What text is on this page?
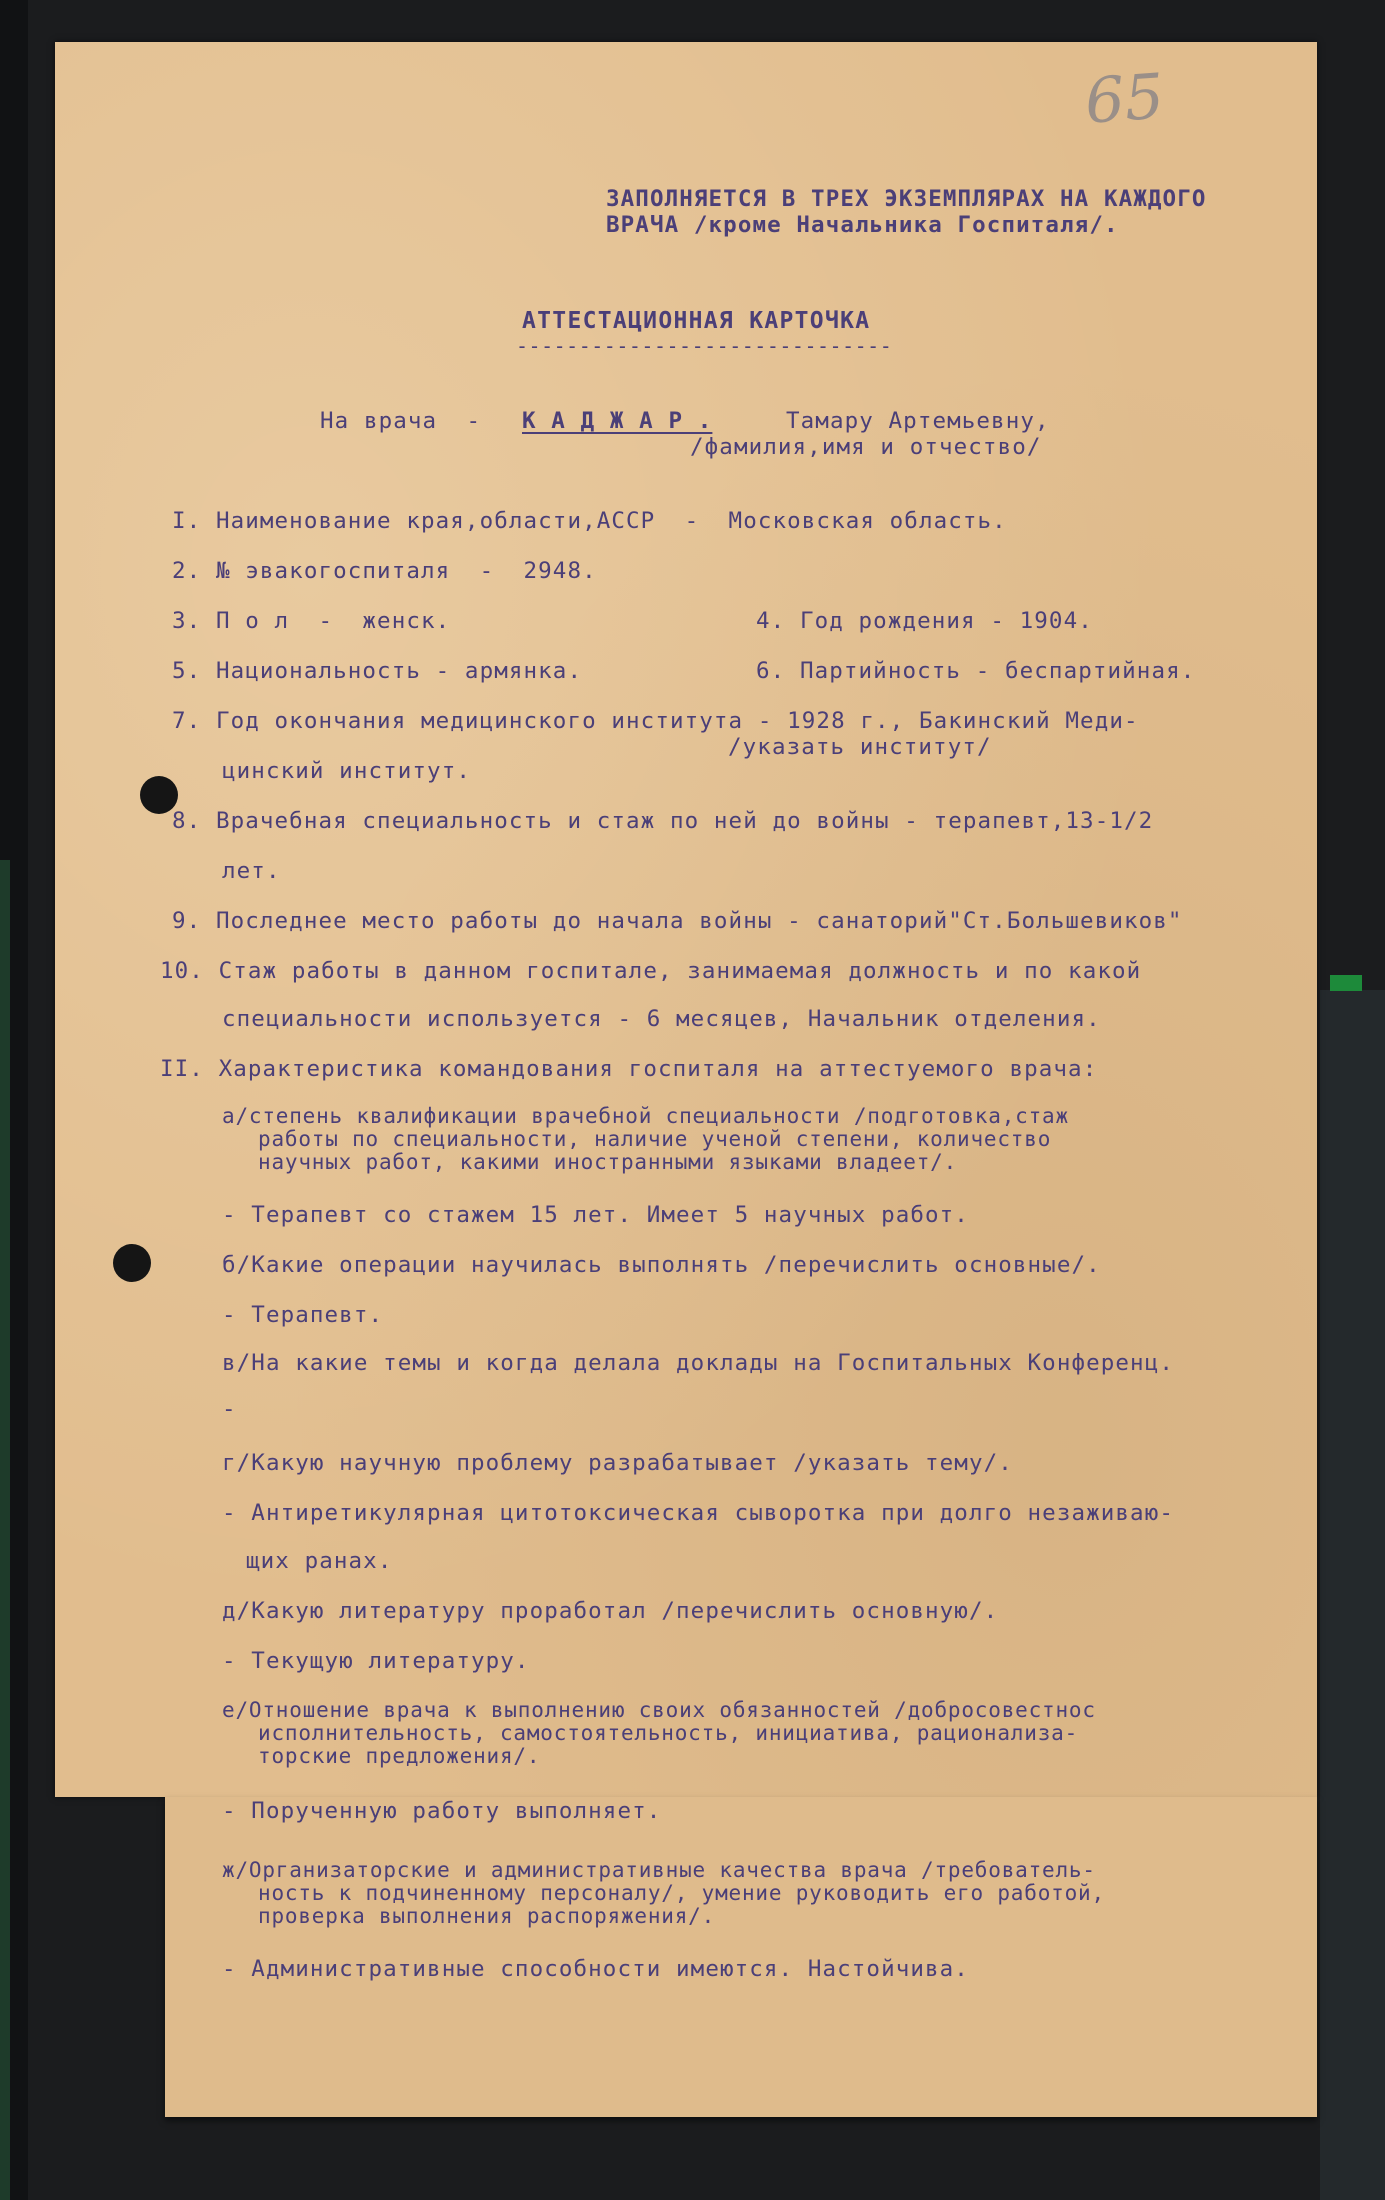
65
ЗАПОЛНЯЕТСЯ В ТРЕХ ЭКЗЕМПЛЯРАХ НА КАЖДОГО
ВРАЧА /кроме Начальника Госпиталя/.
АТТЕСТАЦИОННАЯ КАРТОЧКА
------------------------------
На врача  - К А Д Ж А Р .	Тамару Артемьевну,
/фамилия,имя и отчество/
I. Наименование края,области,АССР  -  Московская область.
2. № эвакогоспиталя  -  2948.
3. П о л  -  женск.	4. Год рождения - 1904.
5. Национальность - армянка.	6. Партийность - беспартийная.
7. Год окончания медицинского института - 1928 г., Бакинский Меди-
/указать институт/
цинский институт.
8. Врачебная специальность и стаж по ней до войны - терапевт,13-1/2
лет.
9. Последнее место работы до начала войны - санаторий"Ст.Большевиков"
10. Стаж работы в данном госпитале, занимаемая должность и по какой
специальности используется - 6 месяцев, Начальник отделения.
II. Характеристика командования госпиталя на аттестуемого врача:
а/степень квалификации врачебной специальности /подготовка,стаж
работы по специальности, наличие ученой степени, количество
научных работ, какими иностранными языками владеет/.
- Терапевт со стажем 15 лет. Имеет 5 научных работ.
б/Какие операции научилась выполнять /перечислить основные/.
- Терапевт.
в/На какие темы и когда делала доклады на Госпитальных Конференц.
-
г/Какую научную проблему разрабатывает /указать тему/.
- Антиретикулярная цитотоксическая сыворотка при долго незаживаю-
щих ранах.
д/Какую литературу проработал /перечислить основную/.
- Текущую литературу.
е/Отношение врача к выполнению своих обязанностей /добросовестнос
исполнительность, самостоятельность, инициатива, рационализа-
торские предложения/.
- Порученную работу выполняет.
ж/Организаторские и административные качества врача /требователь-
ность к подчиненному персоналу/, умение руководить его работой,
проверка выполнения распоряжения/.
- Административные способности имеются. Настойчива.
